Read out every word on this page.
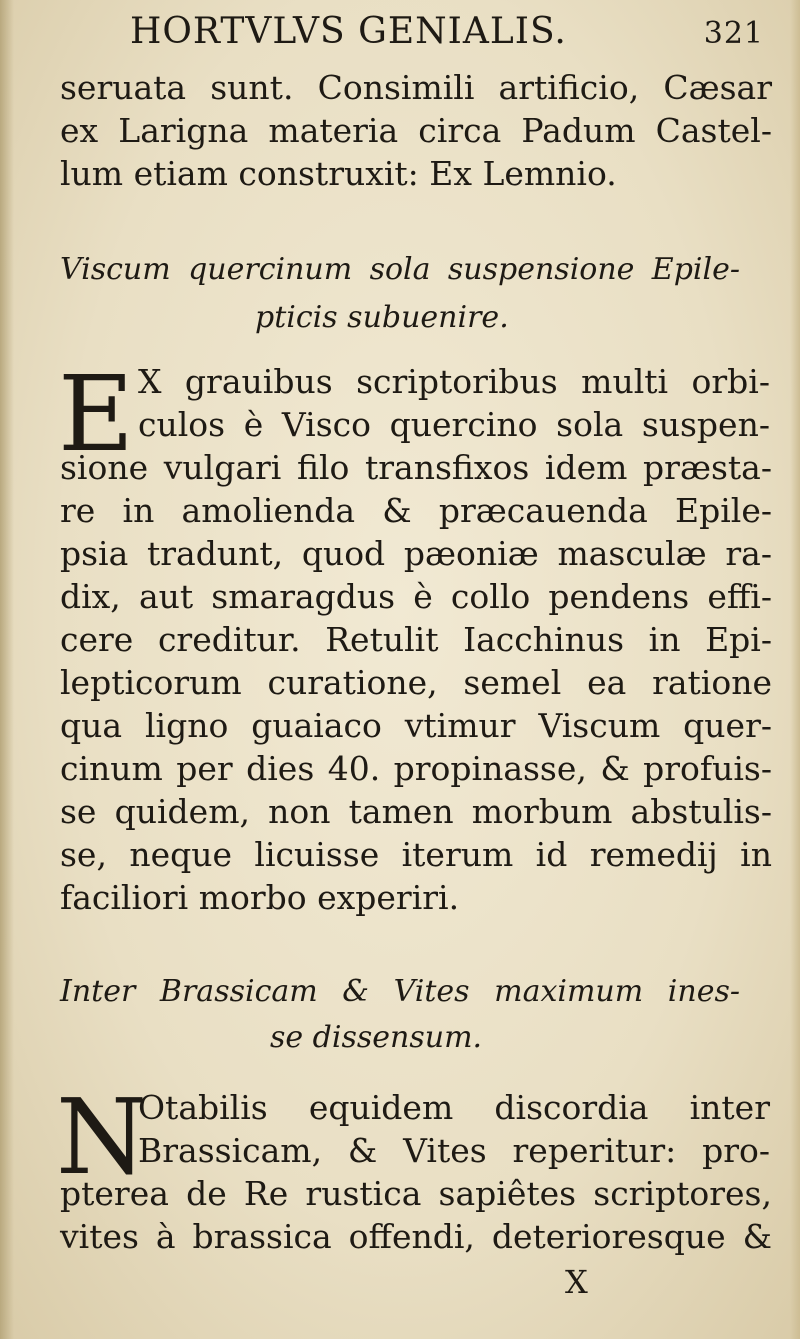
HORTVLVS GENIALIS.	321
seruata sunt. Consimili artificio, Cæsar
ex Larigna materia circa Padum Castel-
lum etiam construxit: Ex Lemnio.
Viscum quercinum sola suspensione Epile-
pticis subuenire.
E X grauibus scriptoribus multi orbi-
culos è Visco quercino sola suspen-
sione vulgari filo transfixos idem præsta-
re in amolienda & præcauenda Epile-
psia tradunt, quod pæoniæ masculæ ra-
dix, aut smaragdus è collo pendens effi-
cere creditur. Retulit Iacchinus in Epi-
lepticorum curatione, semel ea ratione
qua ligno guaiaco vtimur Viscum quer-
cinum per dies 40. propinasse, & profuis-
se quidem, non tamen morbum abstulis-
se, neque licuisse iterum id remedij in
faciliori morbo experiri.
Inter Brassicam & Vites maximum ines-
se dissensum.
N
Otabilis equidem discordia inter
Brassicam, & Vites reperitur: pro-
pterea de Re rustica sapiêtes scriptores,
vites à brassica offendi, deterioresque &
X
